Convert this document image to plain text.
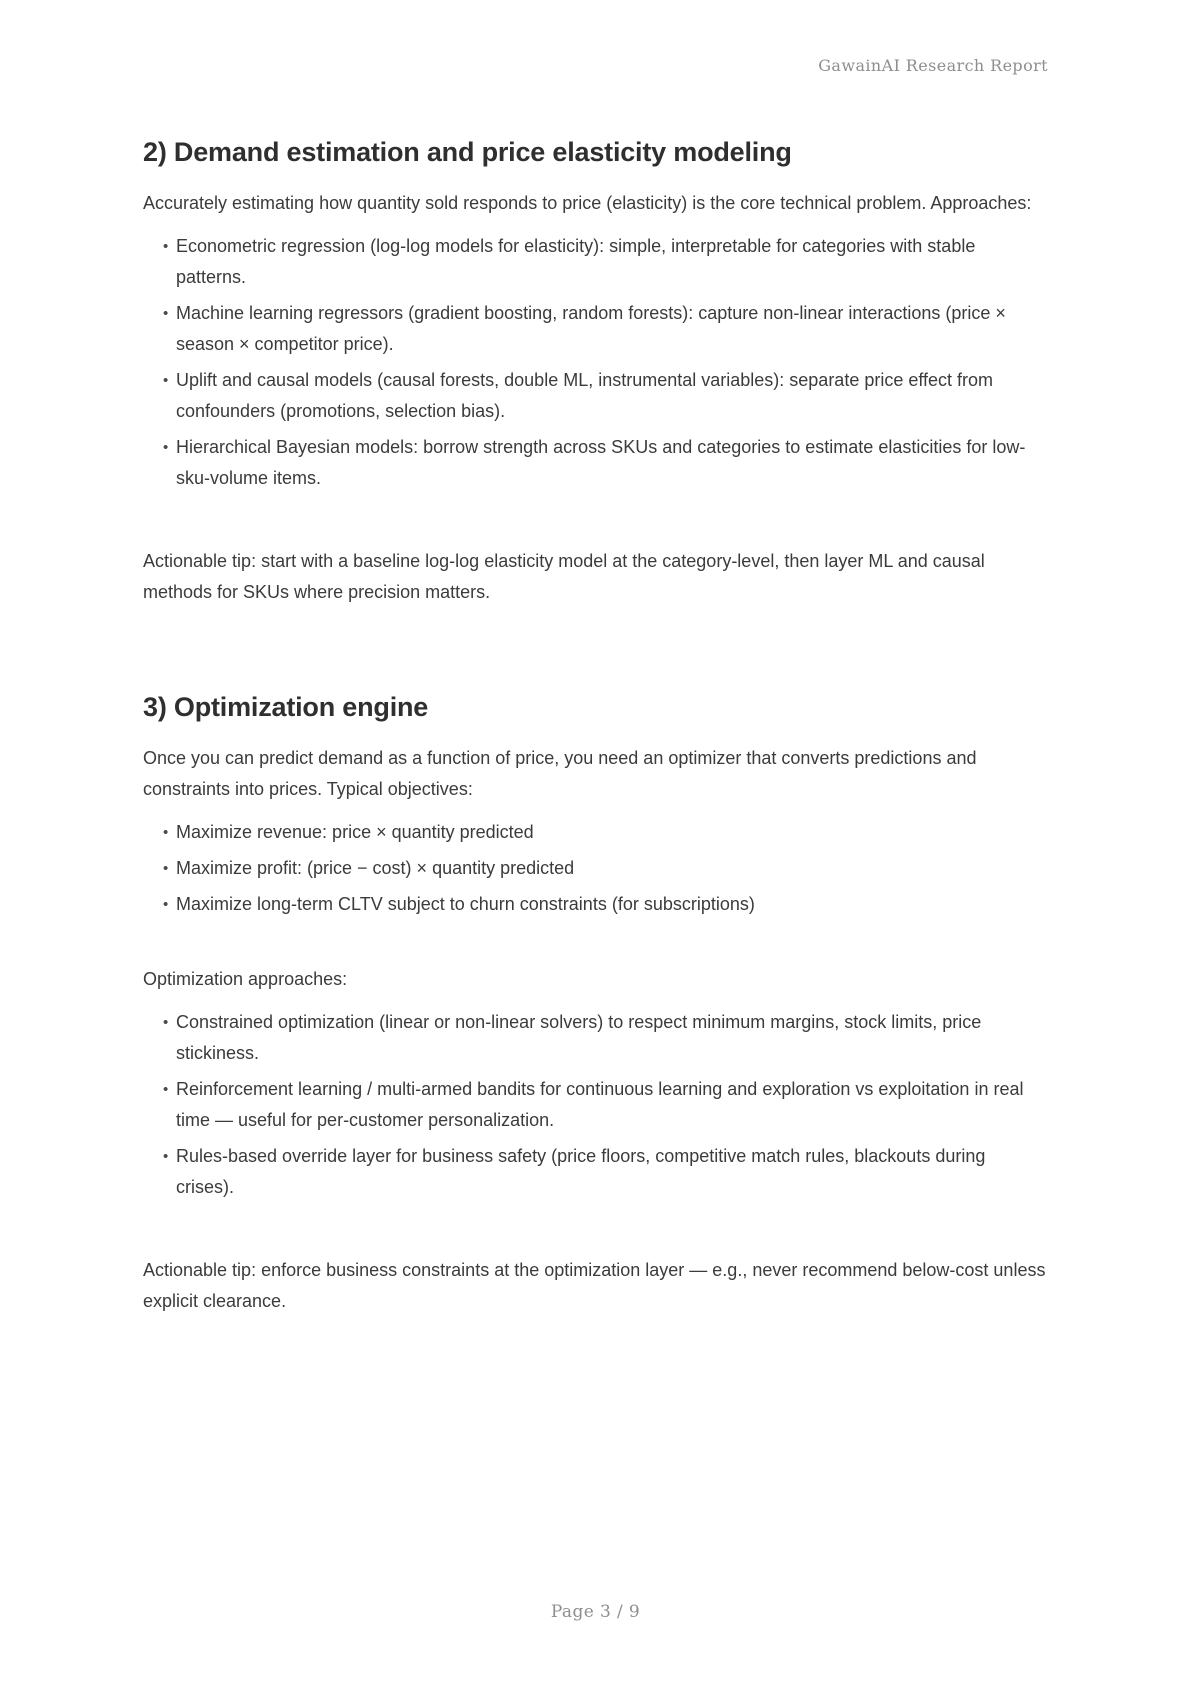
GawainAI Research Report
2) Demand estimation and price elasticity modeling

Accurately estimating how quantity sold responds to price (elasticity) is the core technical problem. Approaches:

• Econometric regression (log-log models for elasticity): simple, interpretable for categories with stable patterns.
• Machine learning regressors (gradient boosting, random forests): capture non-linear interactions (price × season × competitor price).
• Uplift and causal models (causal forests, double ML, instrumental variables): separate price effect from confounders (promotions, selection bias).
• Hierarchical Bayesian models: borrow strength across SKUs and categories to estimate elasticities for low-sku-volume items.

Actionable tip: start with a baseline log-log elasticity model at the category-level, then layer ML and causal methods for SKUs where precision matters.

3) Optimization engine

Once you can predict demand as a function of price, you need an optimizer that converts predictions and constraints into prices. Typical objectives:

• Maximize revenue: price × quantity predicted
• Maximize profit: (price − cost) × quantity predicted
• Maximize long-term CLTV subject to churn constraints (for subscriptions)

Optimization approaches:

• Constrained optimization (linear or non-linear solvers) to respect minimum margins, stock limits, price stickiness.
• Reinforcement learning / multi-armed bandits for continuous learning and exploration vs exploitation in real time — useful for per-customer personalization.
• Rules-based override layer for business safety (price floors, competitive match rules, blackouts during crises).

Actionable tip: enforce business constraints at the optimization layer — e.g., never recommend below-cost unless explicit clearance.

Page 3 / 9
